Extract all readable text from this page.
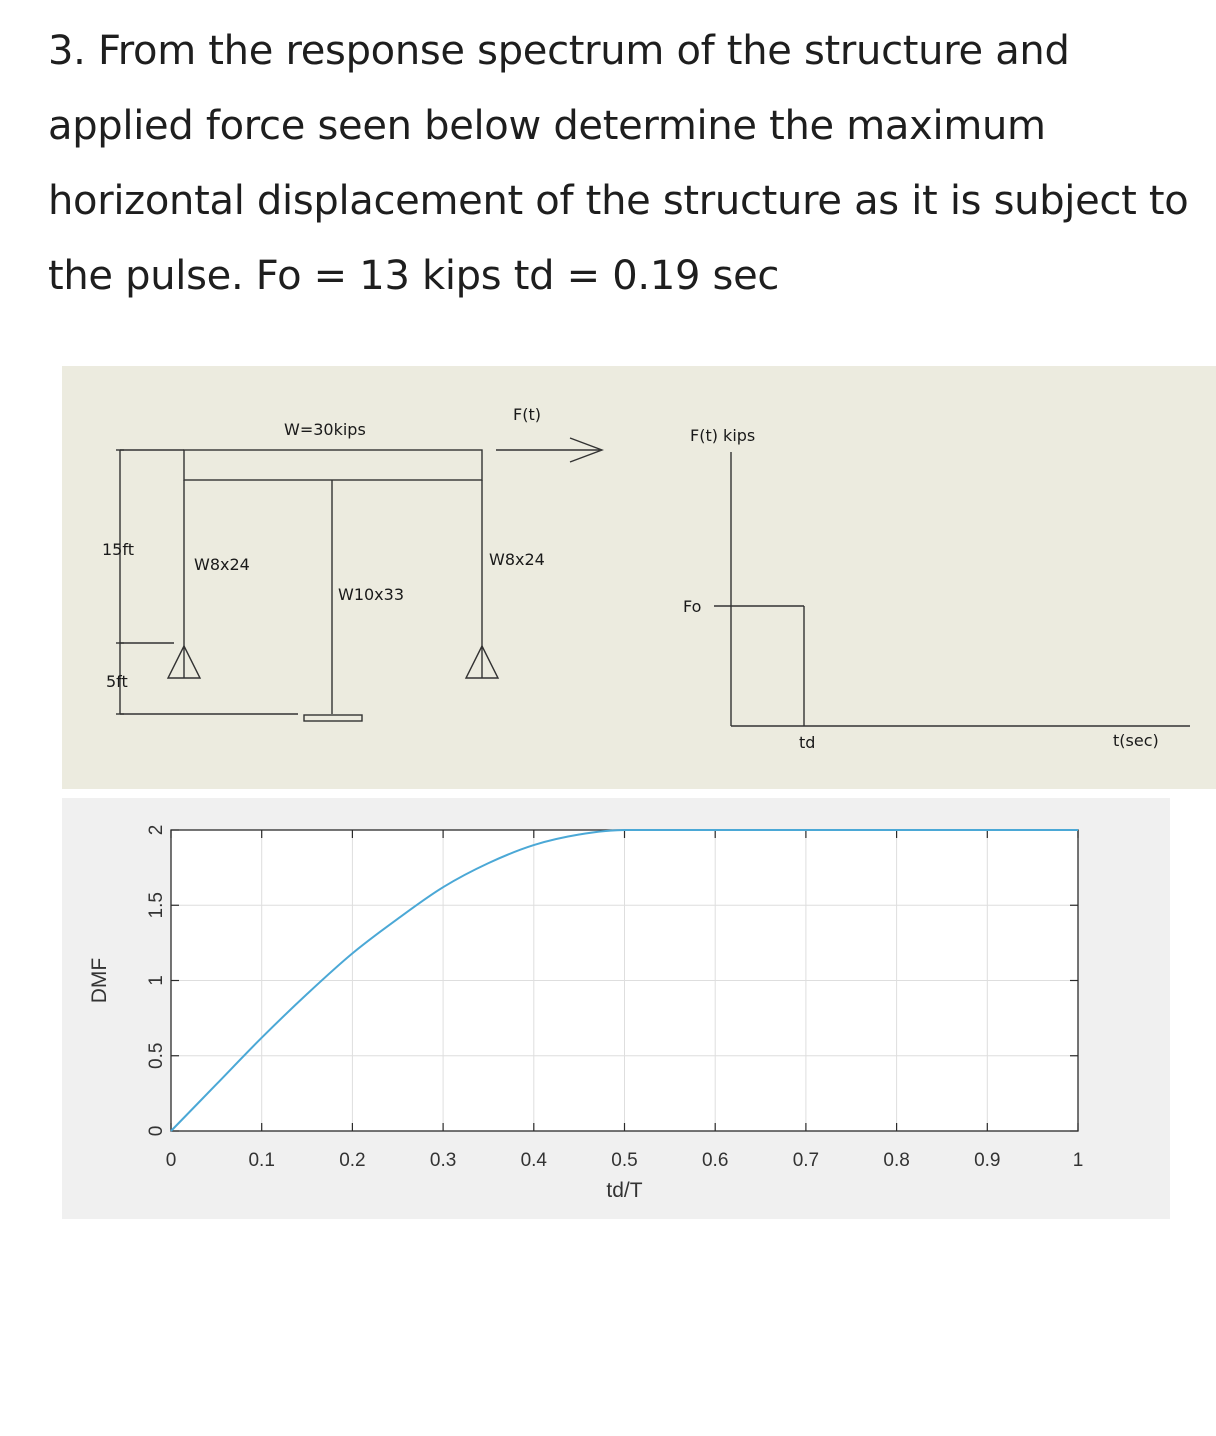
3. From the response spectrum of the structure and applied force seen below determine the maximum horizontal displacement of the structure as it is subject to the pulse. Fo = 13 kips td = 0.19 sec
W=30kips
F(t)
15ft
5ft
W8x24
W10x33
W8x24
F(t) kips
Fo
td	t(sec)
0	0.1	0.2	0.3	0.4	0.5	0.6	0.7	0.8	0.9	1
0
0.5
1
1.5
2
td/T
DMF
